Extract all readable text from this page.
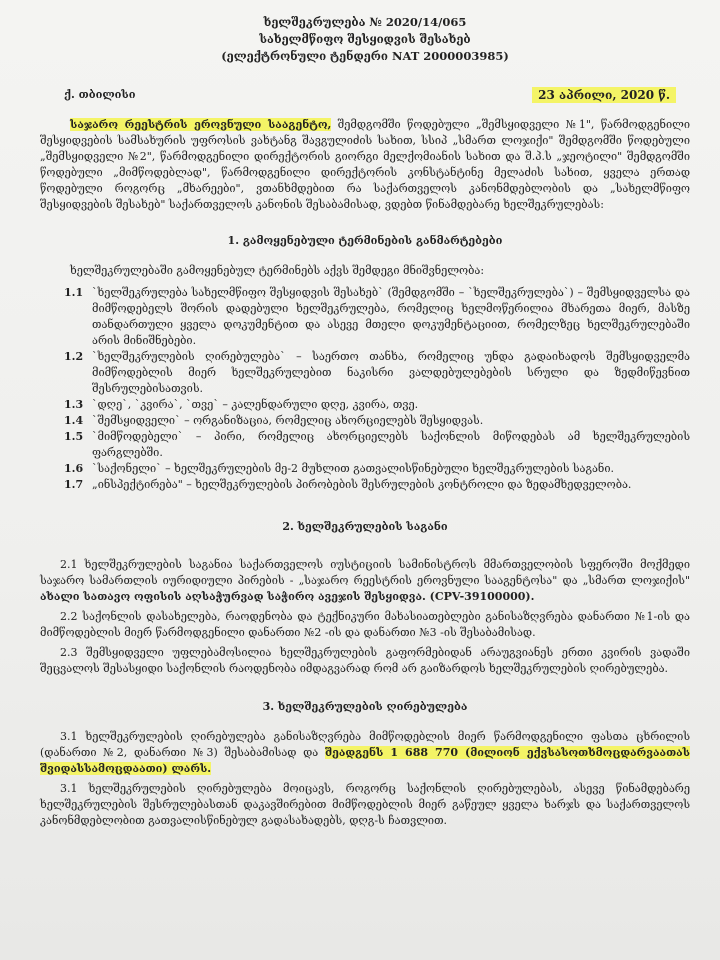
ხელშეკრულება № 2020/14/065
სახელმწიფო შესყიდვის შესახებ
(ელექტრონული ტენდერი NAT 2000003985)
ქ. თბილისი	23 აპრილი, 2020 წ.

საჯარო რეესტრის ეროვნული სააგენტო, შემდგომში წოდებული „შემსყიდველი №1", წარმოდგენილი შესყიდვების სამსახურის უფროსის ვახტანგ შავგულიძის სახით, სსიპ „სმართ ლოჯიქი" შემდგომში წოდებული „შემსყიდველი №2", წარმოდგენილი დირექტორის გიორგი მელქომიანის სახით და შ.პ.ს „ჯეოტილი" შემდგომში წოდებული „მიმწოდებლად", წარმოდგენილი დირექტორის კონსტანტინე მელაძის სახით, ყველა ერთად წოდებული როგორც „მხარეები", ვთანხმდებით რა საქართველოს კანონმდებლობის და „სახელმწიფო შესყიდვების შესახებ" საქართველოს კანონის შესაბამისად, ვდებთ წინამდებარე ხელშეკრულებას:

1. გამოყენებული ტერმინების განმარტებები

ხელშეკრულებაში გამოყენებულ ტერმინებს აქვს შემდეგი მნიშვნელობა:

1.1 `ხელშეკრულება სახელმწიფო შესყიდვის შესახებ` (შემდგომში – `ხელშეკრულება`) – შემსყიდველსა და მიმწოდებელს შორის დადებული ხელშეკრულება, რომელიც ხელმოწერილია მხარეთა მიერ, მასზე თანდართული ყველა დოკუმენტით და ასევე მთელი დოკუმენტაციით, რომელზეც ხელშეკრულებაში არის მინიშნებები.
1.2 `ხელშეკრულების ღირებულება` – საერთო თანხა, რომელიც უნდა გადაიხადოს შემსყიდველმა მიმწოდებლის მიერ ხელშეკრულებით ნაკისრი ვალდებულებების სრული და ზედმიწევნით შესრულებისათვის.
1.3 `დღე`, `კვირა`, `თვე` – კალენდარული დღე, კვირა, თვე.
1.4 `შემსყიდველი` – ორგანიზაცია, რომელიც ახორციელებს შესყიდვას.
1.5 `მიმწოდებელი` – პირი, რომელიც ახორციელებს საქონლის მიწოდებას ამ ხელშეკრულების ფარგლებში.
1.6 `საქონელი` – ხელშეკრულების მე-2 მუხლით გათვალისწინებული ხელშეკრულების საგანი.
1.7 „ინსპექტირება" – ხელშეკრულების პირობების შესრულების კონტროლი და ზედამხედველობა.
2. ხელშეკრულების საგანი

2.1 ხელშეკრულების საგანია საქართველოს იუსტიციის სამინისტროს მმართველობის სფეროში მოქმედი საჯარო სამართლის იურიდიული პირების - „საჯარო რეესტრის ეროვნული სააგენტოსა" და „სმართ ლოჯიქის" ახალი სათავო ოფისის აღსაჭურვად საჭირო ავეჯის შესყიდვა. (CPV-39100000).

2.2 საქონლის დასახელება, რაოდენობა და ტექნიკური მახასიათებლები განისაზღვრება დანართი №1-ის და მიმწოდებლის მიერ წარმოდგენილი დანართი №2 -ის და დანართი №3 -ის შესაბამისად.

2.3 შემსყიდველი უფლებამოსილია ხელშეკრულების გაფორმებიდან არაუგვიანეს ერთი კვირის ვადაში შეცვალოს შესასყიდი საქონლის რაოდენობა იმდაგვარად რომ არ გაიზარდოს ხელშეკრულების ღირებულება.

3. ხელშეკრულების ღირებულება

3.1 ხელშეკრულების ღირებულება განისაზღვრება მიმწოდებლის მიერ წარმოდგენილი ფასთა ცხრილის (დანართი №2, დანართი №3) შესაბამისად და შეადგენს 1 688 770 (მილიონ ექვსასოთხმოცდარვაათას შვიდასსამოცდაათი) ლარს.

3.1 ხელშეკრულების ღირებულება მოიცავს, როგორც საქონლის ღირებულებას, ასევე წინამდებარე ხელშეკრულების შესრულებასთან დაკავშირებით მიმწოდებლის მიერ გაწეულ ყველა ხარჯს და საქართველოს კანონმდებლობით გათვალისწინებულ გადასახადებს, დღგ-ს ჩათვლით.
